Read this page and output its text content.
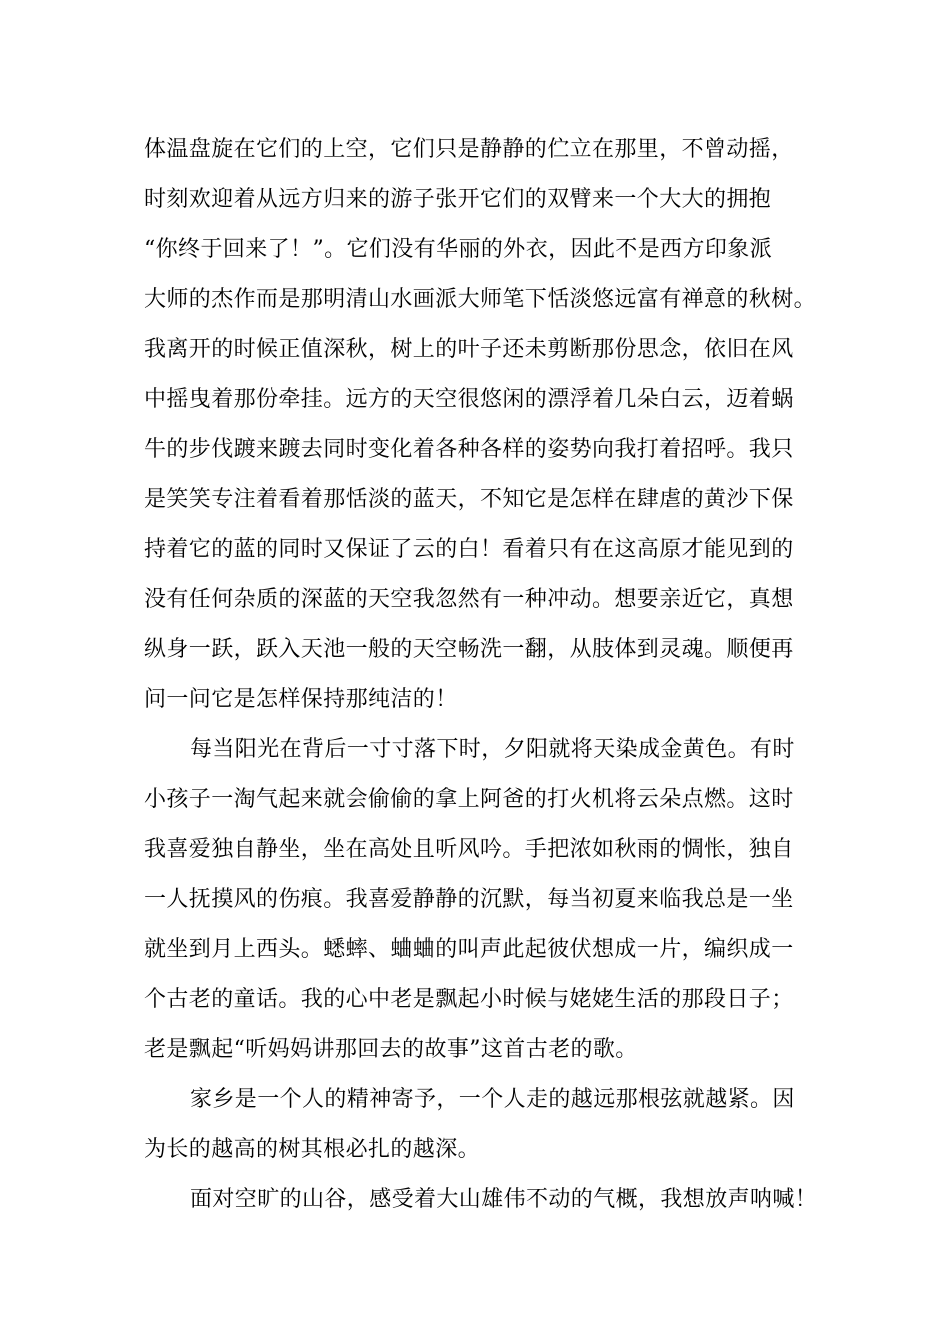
体温盘旋在它们的上空，它们只是静静的伫立在那里，不曾动摇，
时刻欢迎着从远方归来的游子张开它们的双臂来一个大大的拥抱
“你终于回来了！”。它们没有华丽的外衣，因此不是西方印象派
大师的杰作而是那明清山水画派大师笔下恬淡悠远富有禅意的秋树。
我离开的时候正值深秋，树上的叶子还未剪断那份思念，依旧在风
中摇曳着那份牵挂。远方的天空很悠闲的漂浮着几朵白云，迈着蜗
牛的步伐踱来踱去同时变化着各种各样的姿势向我打着招呼。我只
是笑笑专注着看着那恬淡的蓝天，不知它是怎样在肆虐的黄沙下保
持着它的蓝的同时又保证了云的白！看着只有在这高原才能见到的
没有任何杂质的深蓝的天空我忽然有一种冲动。想要亲近它，真想
纵身一跃，跃入天池一般的天空畅洗一翻，从肢体到灵魂。顺便再
问一问它是怎样保持那纯洁的！
每当阳光在背后一寸寸落下时，夕阳就将天染成金黄色。有时
小孩子一淘气起来就会偷偷的拿上阿爸的打火机将云朵点燃。这时
我喜爱独自静坐，坐在高处且听风吟。手把浓如秋雨的惆怅，独自
一人抚摸风的伤痕。我喜爱静静的沉默，每当初夏来临我总是一坐
就坐到月上西头。蟋蟀、蛐蛐的叫声此起彼伏想成一片，编织成一
个古老的童话。我的心中老是飘起小时候与姥姥生活的那段日子；
老是飘起“听妈妈讲那回去的故事”这首古老的歌。
家乡是一个人的精神寄予，一个人走的越远那根弦就越紧。因
为长的越高的树其根必扎的越深。
面对空旷的山谷，感受着大山雄伟不动的气概，我想放声呐喊！
